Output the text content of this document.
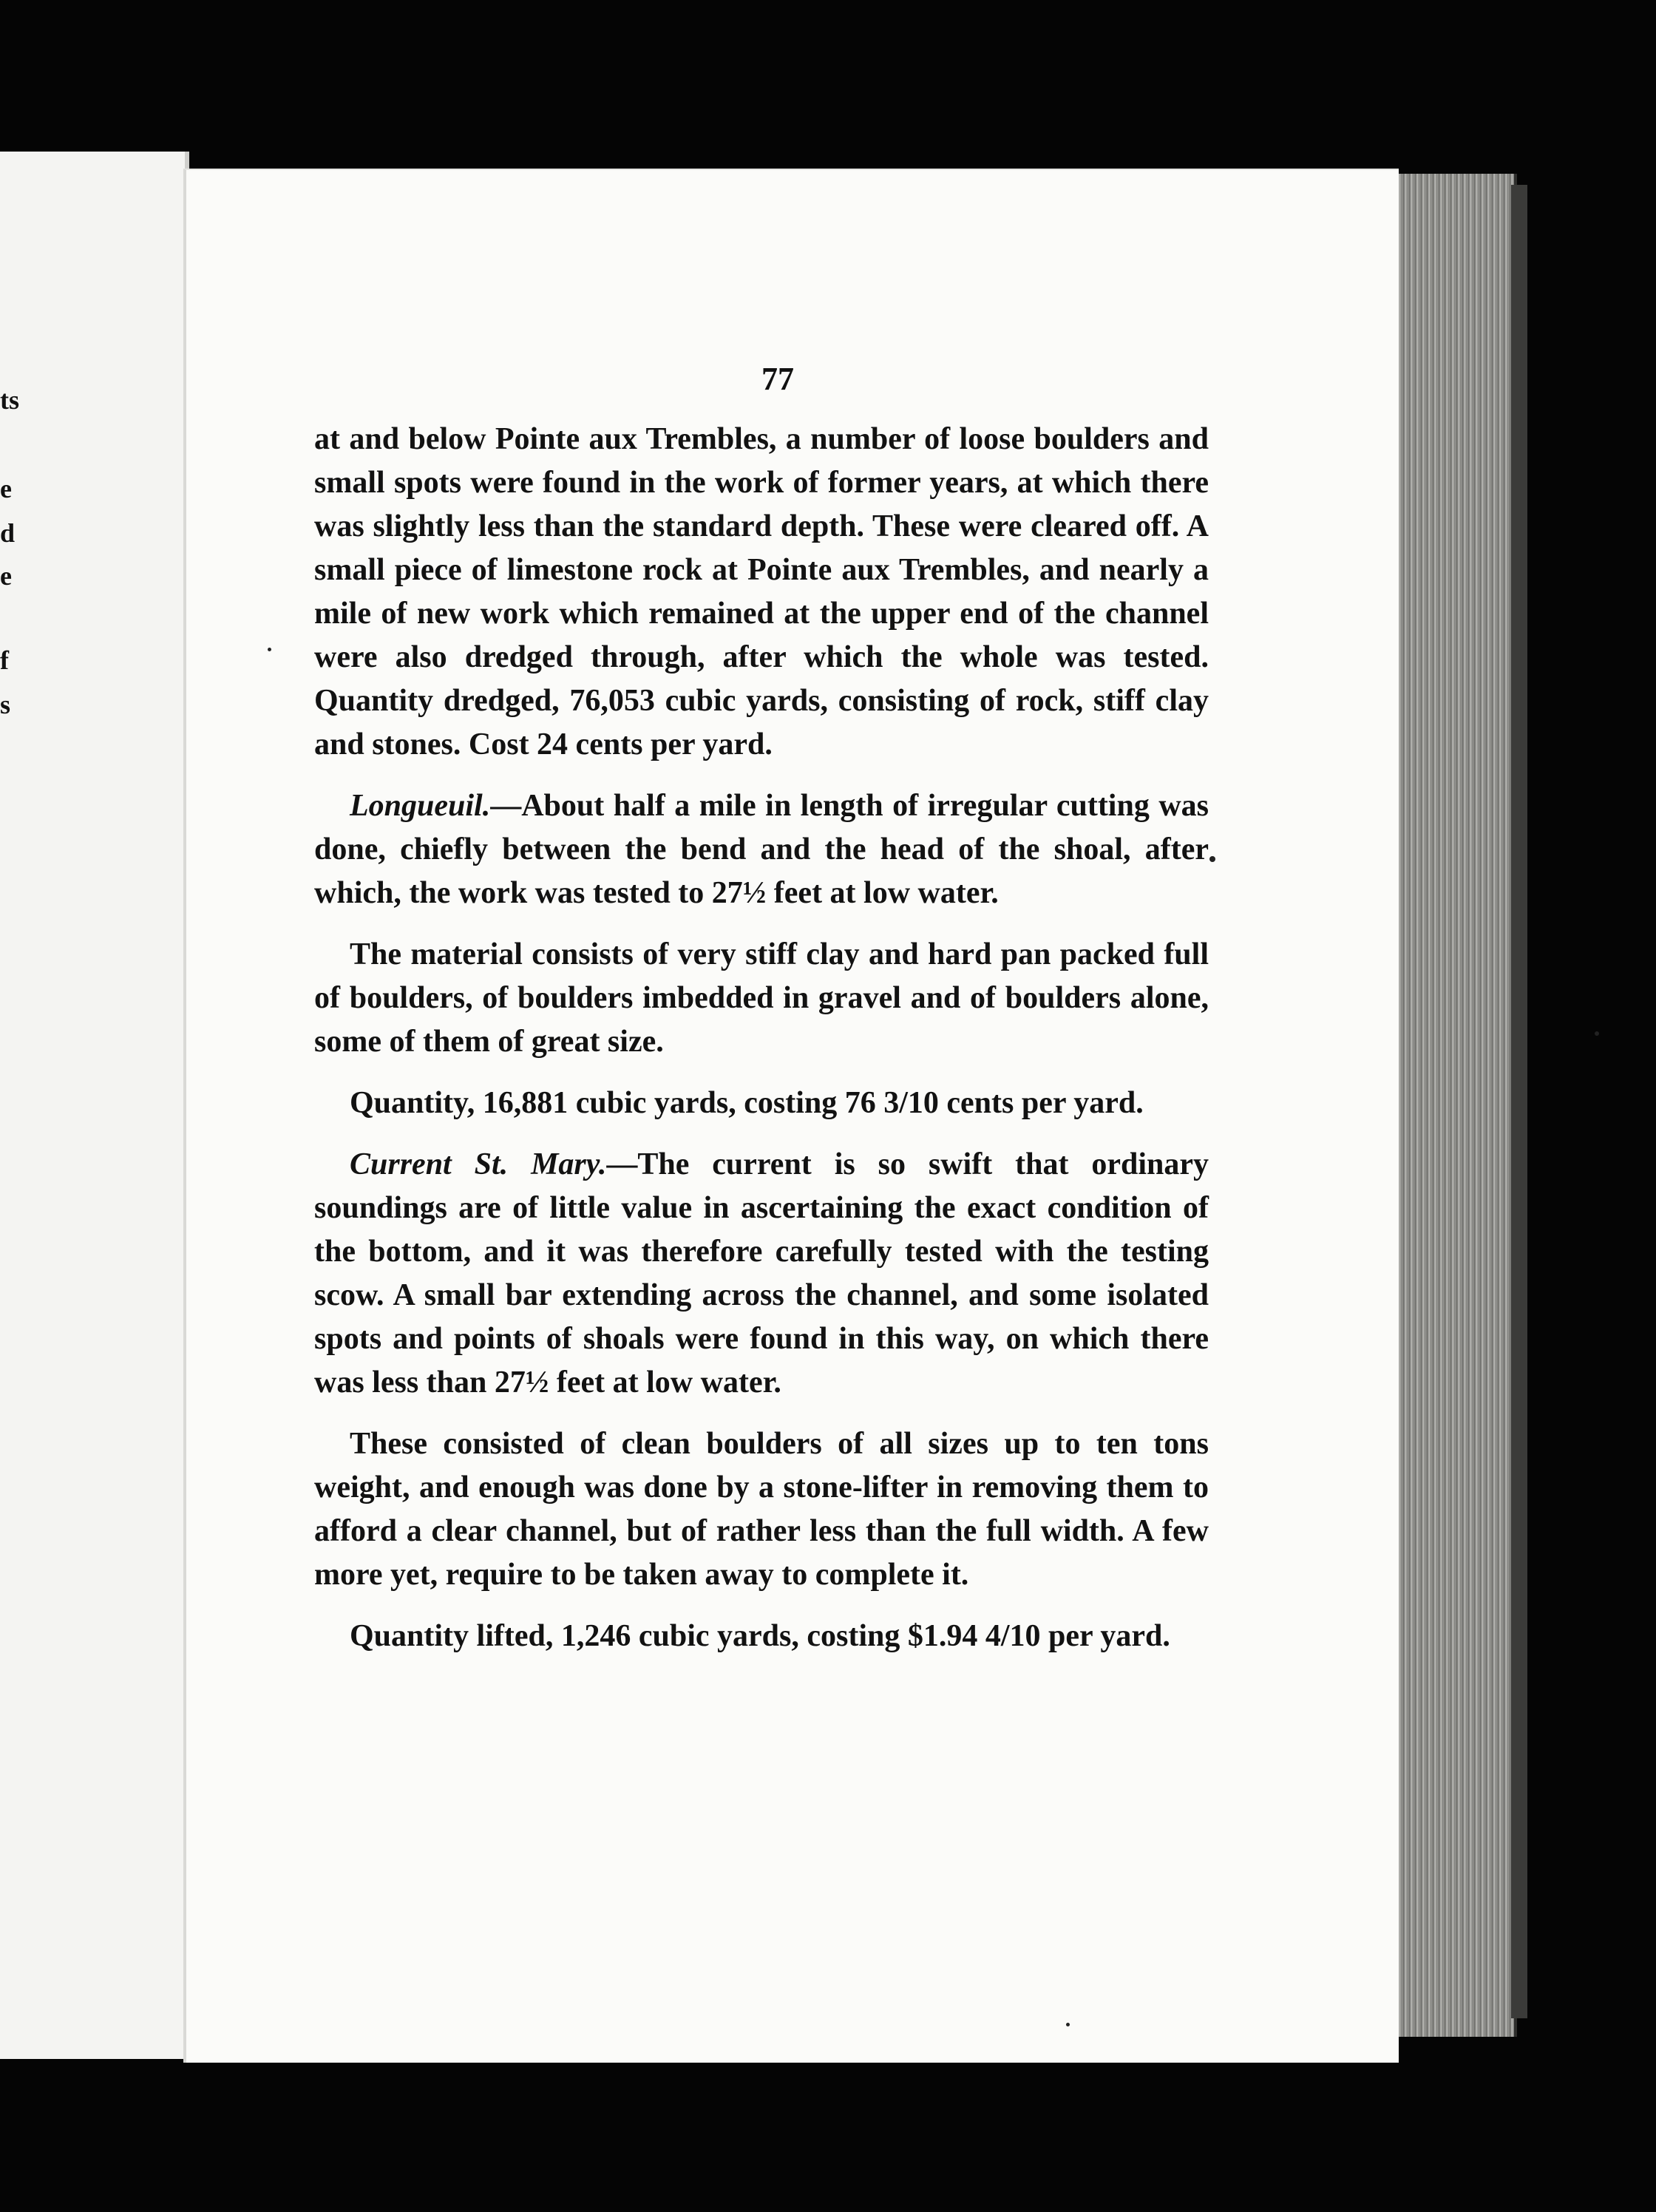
ts
e
d
e
f
s
77

at and below Pointe aux Trembles, a number of loose boulders and small spots were found in the work of former years, at which there was slightly less than the standard depth. These were cleared off. A small piece of limestone rock at Pointe aux Trembles, and nearly a mile of new work which remained at the upper end of the channel were also dredged through, after which the whole was tested. Quantity dredged, 76,053 cubic yards, consisting of rock, stiff clay and stones. Cost 24 cents per yard.

Longueuil.—About half a mile in length of irregular cutting was done, chiefly between the bend and the head of the shoal, after which, the work was tested to 27½ feet at low water.

The material consists of very stiff clay and hard pan packed full of boulders, of boulders imbedded in gravel and of boulders alone, some of them of great size.

Quantity, 16,881 cubic yards, costing 76 3/10 cents per yard.

Current St. Mary.—The current is so swift that ordinary soundings are of little value in ascertaining the exact condition of the bottom, and it was therefore carefully tested with the testing scow. A small bar extending across the channel, and some isolated spots and points of shoals were found in this way, on which there was less than 27½ feet at low water.

These consisted of clean boulders of all sizes up to ten tons weight, and enough was done by a stone-lifter in removing them to afford a clear channel, but of rather less than the full width. A few more yet, require to be taken away to complete it.

Quantity lifted, 1,246 cubic yards, costing $1.94 4/10 per yard.
